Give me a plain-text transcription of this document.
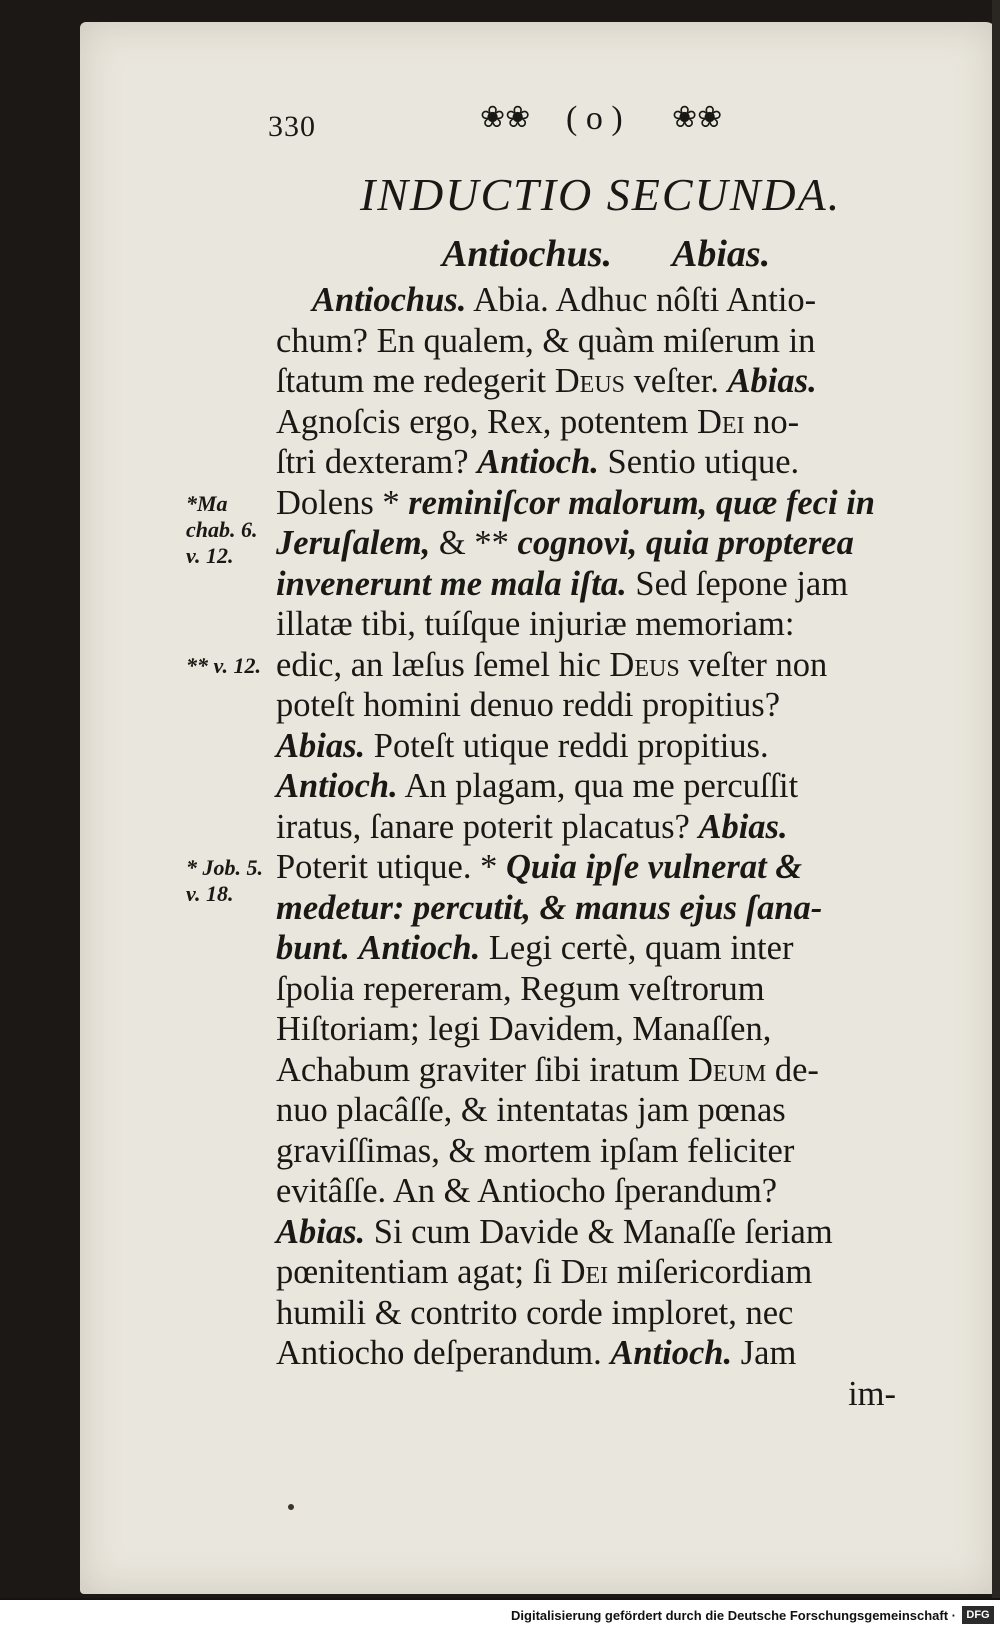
330	❀❀ ( o ) ❀❀
INDUCTIO SECUNDA.
Antiochus. Abias.
Antiochus. Abia. Adhuc nôſti Antio-
chum? En qualem, & quàm miſerum in
ſtatum me redegerit Deus veſter. Abias.
Agnoſcis ergo, Rex, potentem Dei no-
ſtri dexteram? Antioch. Sentio utique.
Dolens * reminiſcor malorum, quæ feci in
Jeruſalem, & ** cognovi, quia propterea
invenerunt me mala iſta. Sed ſepone jam
illatæ tibi, tuíſque injuriæ memoriam:
edic, an læſus ſemel hic Deus veſter non
poteſt homini denuo reddi propitius?
Abias. Poteſt utique reddi propitius.
Antioch. An plagam, qua me percuſſit
iratus, ſanare poterit placatus? Abias.
Poterit utique. * Quia ipſe vulnerat &
medetur: percutit, & manus ejus ſana-
bunt. Antioch. Legi certè, quam inter
ſpolia repereram, Regum veſtrorum
Hiſtoriam; legi Davidem, Manaſſen,
Achabum graviter ſibi iratum Deum de-
nuo placâſſe, & intentatas jam pœnas
graviſſimas, & mortem ipſam feliciter
evitâſſe. An & Antiocho ſperandum?
Abias. Si cum Davide & Manaſſe ſeriam
pœnitentiam agat; ſi Dei miſericordiam
humili & contrito corde imploret, nec
Antiocho deſperandum. Antioch. Jam
im-
*Ma chab. 6. v. 12.
** v. 12.
* Job. 5. v. 18.
Digitalisierung gefördert durch die Deutsche Forschungsgemeinschaft · DFG
